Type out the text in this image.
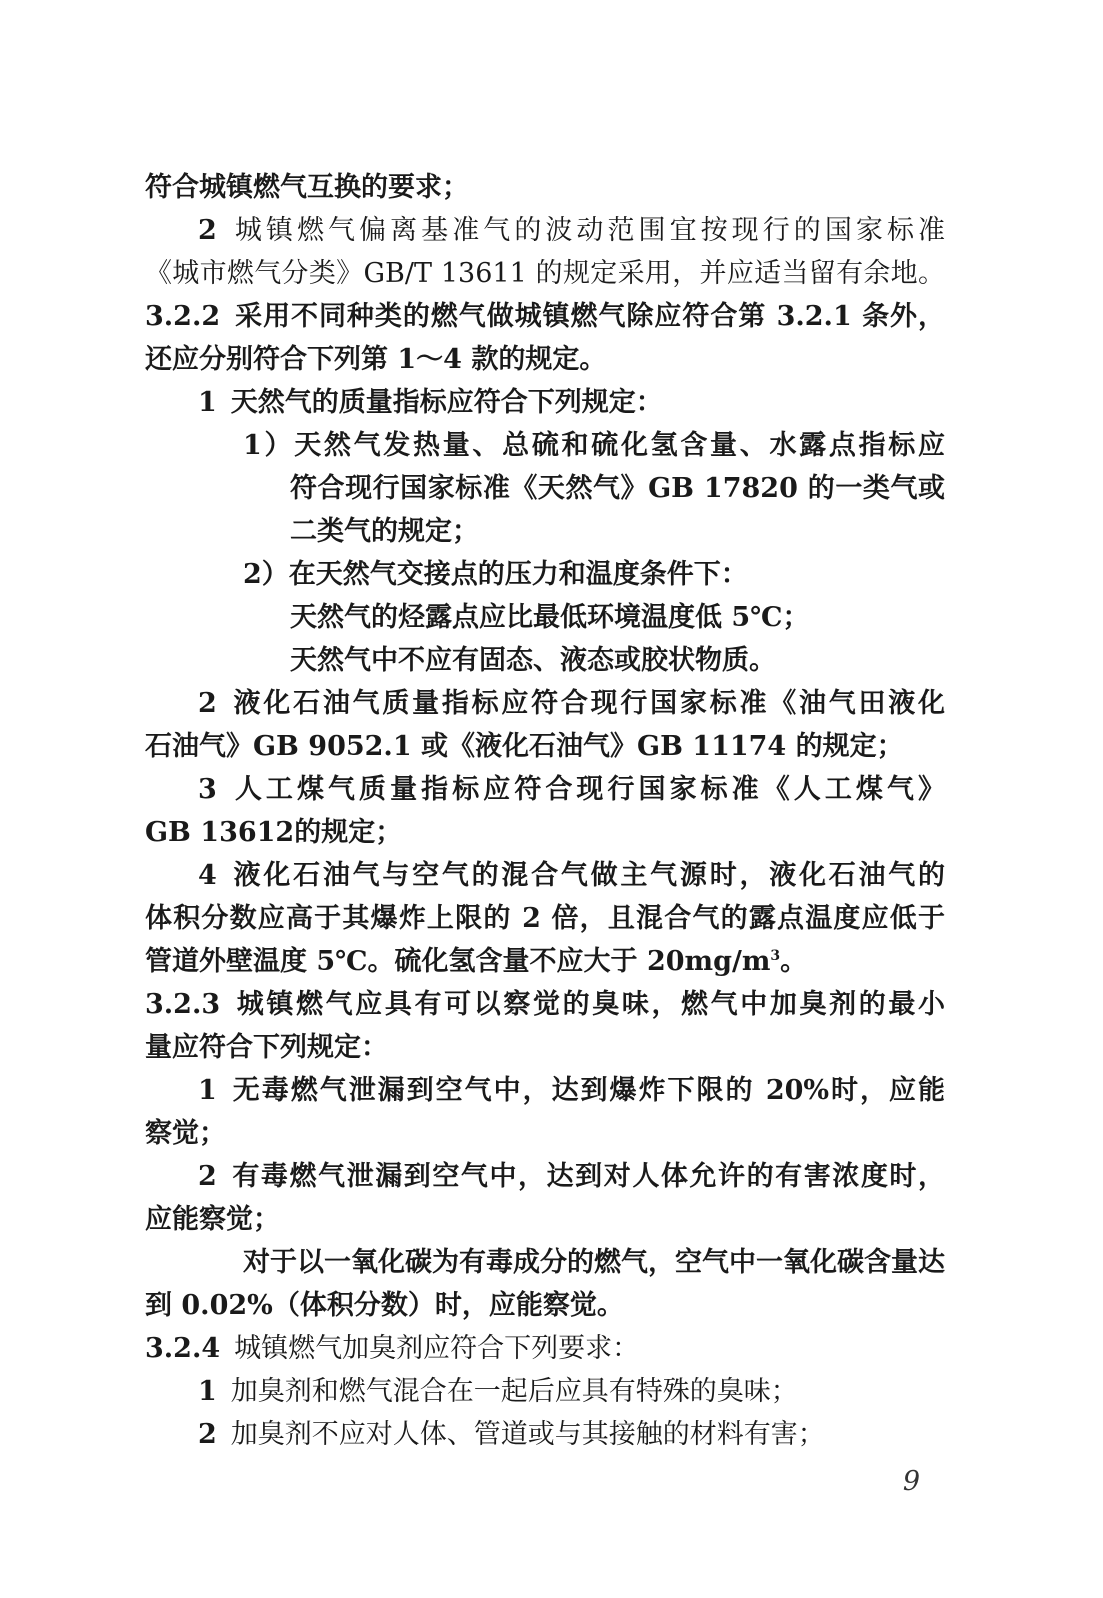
符合城镇燃气互换的要求；
2 城镇燃气偏离基准气的波动范围宜按现行的国家标准
《城市燃气分类》GB/T 13611 的规定采用，并应适当留有余地。
3.2.2 采用不同种类的燃气做城镇燃气除应符合第 3.2.1 条外，
还应分别符合下列第 1～4 款的规定。
1 天然气的质量指标应符合下列规定：
1）天然气发热量、总硫和硫化氢含量、水露点指标应
符合现行国家标准《天然气》GB 17820 的一类气或
二类气的规定；
2）在天然气交接点的压力和温度条件下：
天然气的烃露点应比最低环境温度低 5℃；
天然气中不应有固态、液态或胶状物质。
2 液化石油气质量指标应符合现行国家标准《油气田液化
石油气》GB 9052.1 或《液化石油气》GB 11174 的规定；
3 人工煤气质量指标应符合现行国家标准《人工煤气》
GB 13612的规定；
4 液化石油气与空气的混合气做主气源时，液化石油气的
体积分数应高于其爆炸上限的 2 倍，且混合气的露点温度应低于
管道外壁温度 5℃。硫化氢含量不应大于 $20mg/m^3$。
3.2.3 城镇燃气应具有可以察觉的臭味，燃气中加臭剂的最小
量应符合下列规定：
1 无毒燃气泄漏到空气中，达到爆炸下限的 20%时，应能
察觉；
2 有毒燃气泄漏到空气中，达到对人体允许的有害浓度时，
应能察觉；
对于以一氧化碳为有毒成分的燃气，空气中一氧化碳含量达
到 0.02%（体积分数）时，应能察觉。
3.2.4 城镇燃气加臭剂应符合下列要求：
1 加臭剂和燃气混合在一起后应具有特殊的臭味；
2 加臭剂不应对人体、管道或与其接触的材料有害；
9
